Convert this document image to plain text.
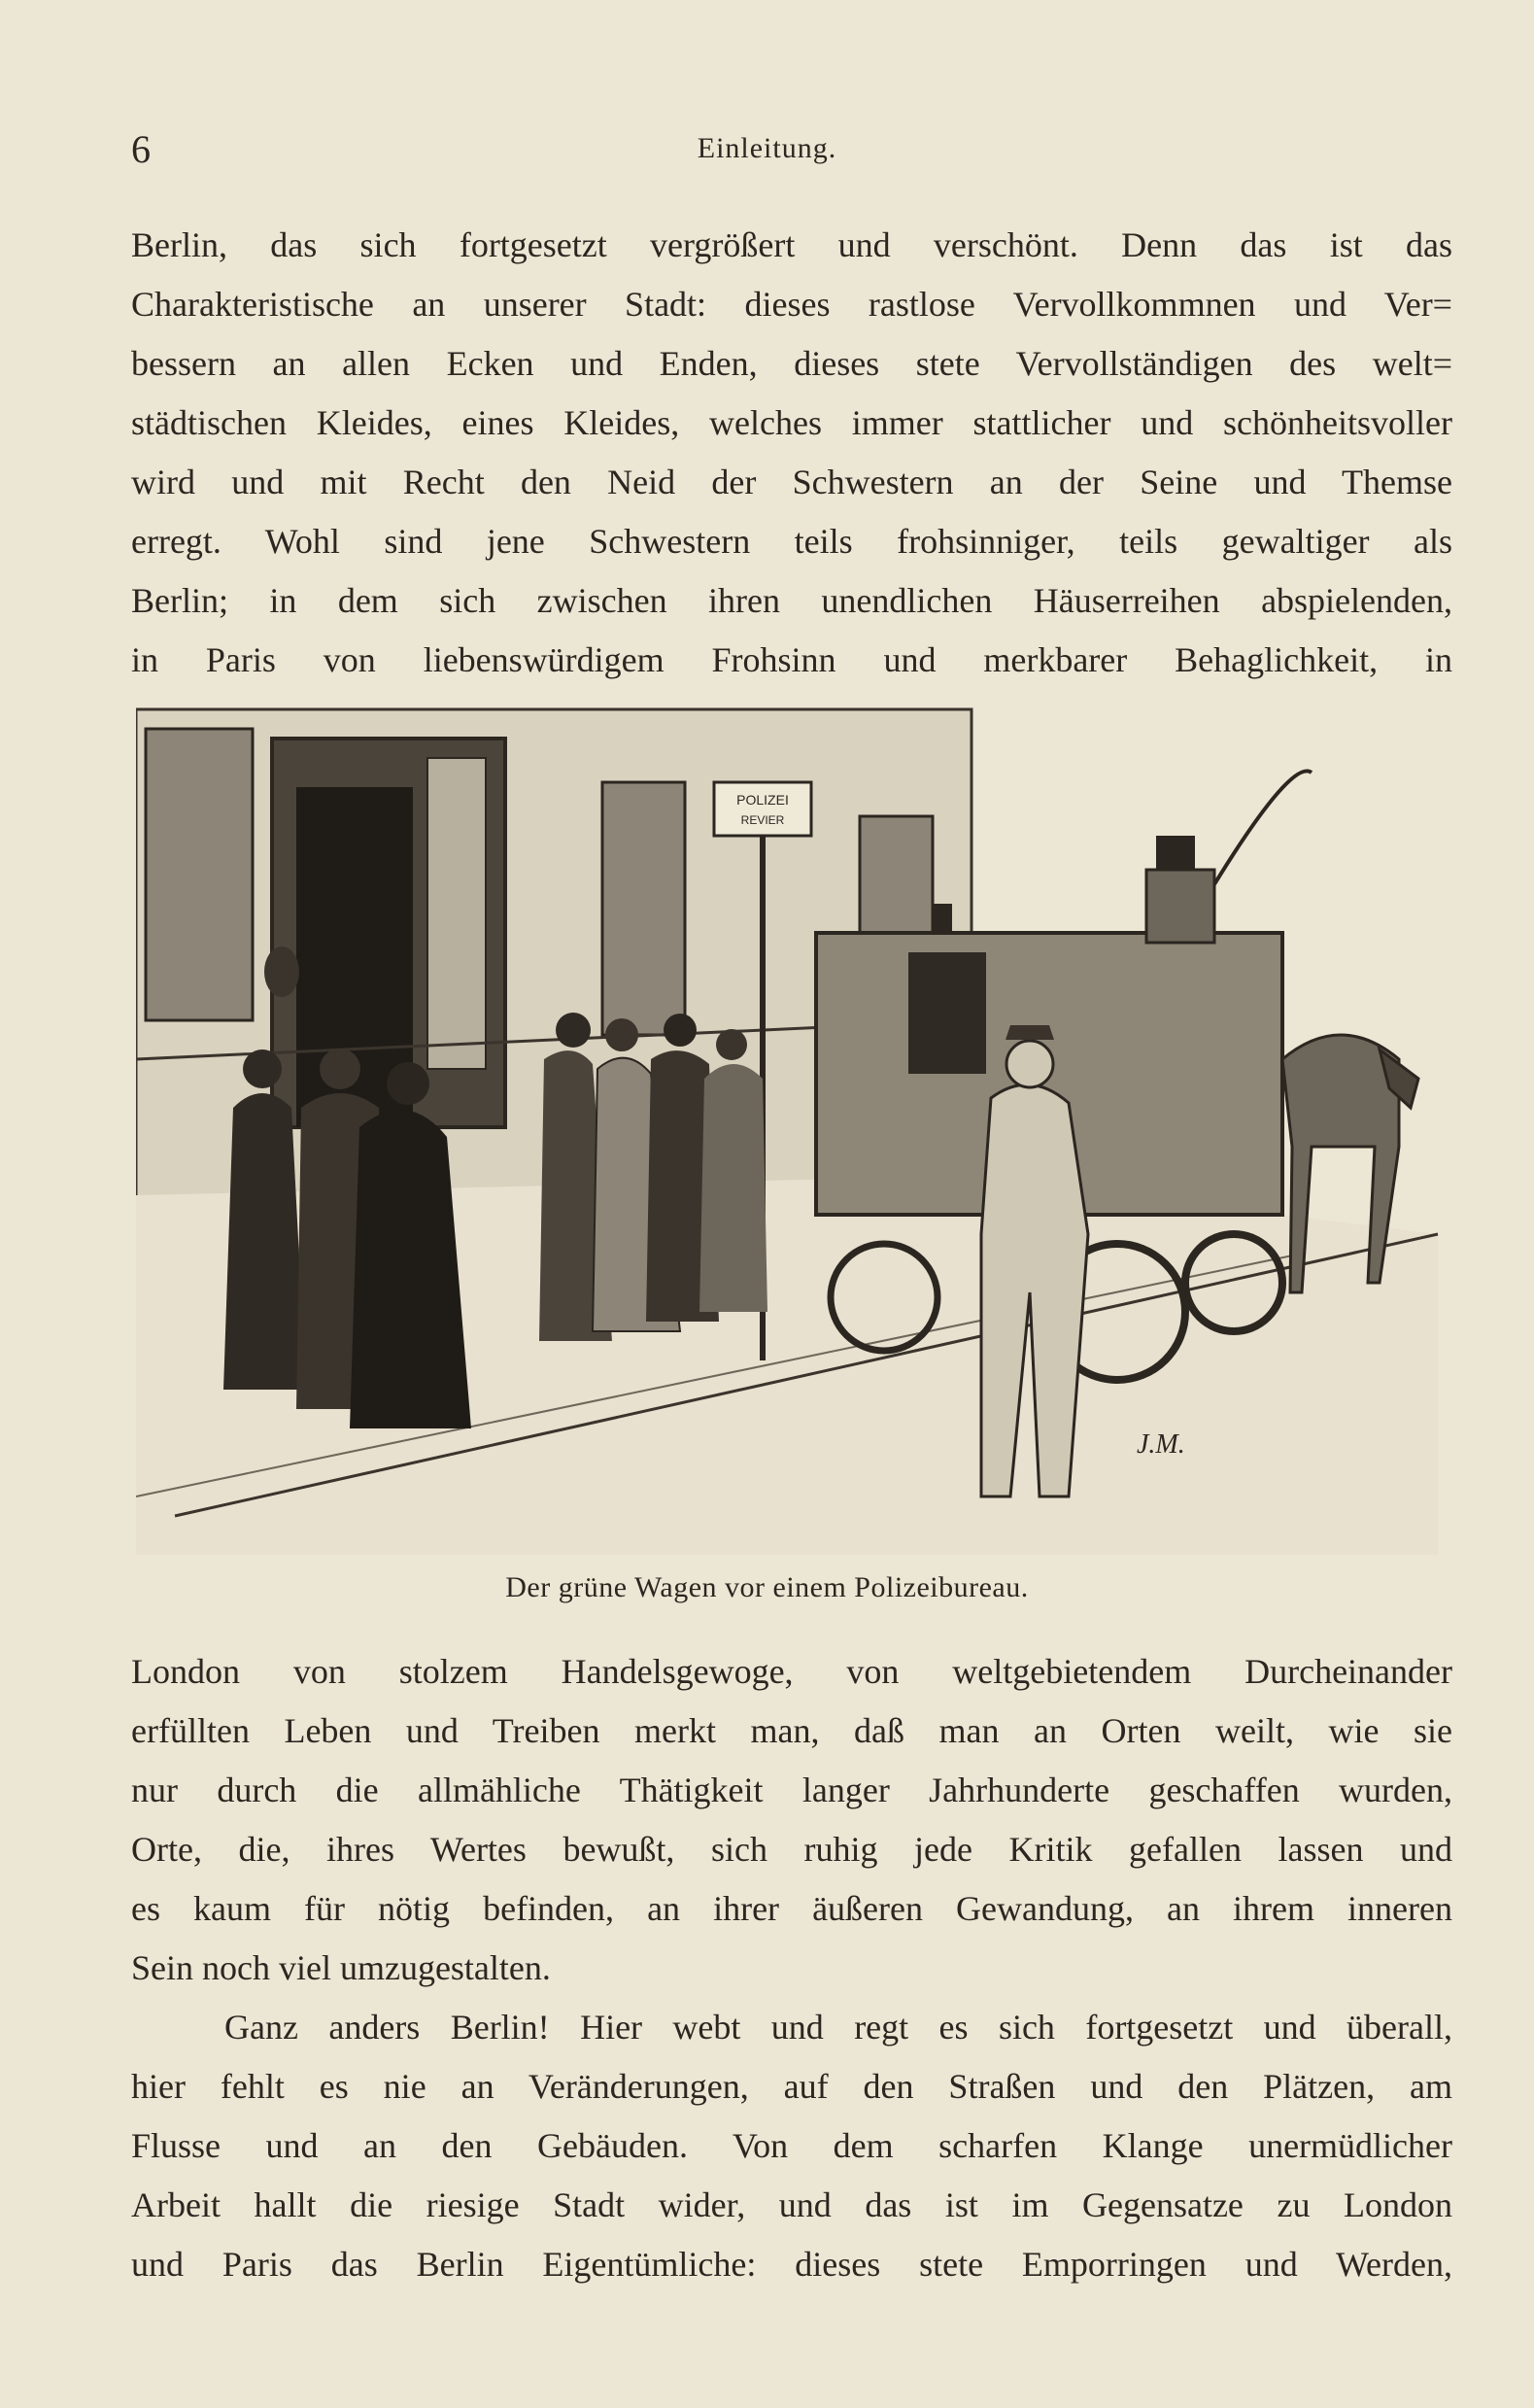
6	Einleitung.
Berlin, das sich fortgesetzt vergrößert und verschönt. Denn das ist das
Charakteristische an unserer Stadt: dieses rastlose Vervollkommnen und Ver=
bessern an allen Ecken und Enden, dieses stete Vervollständigen des welt=
städtischen Kleides, eines Kleides, welches immer stattlicher und schönheitsvoller
wird und mit Recht den Neid der Schwestern an der Seine und Themse
erregt. Wohl sind jene Schwestern teils frohsinniger, teils gewaltiger als
Berlin; in dem sich zwischen ihren unendlichen Häuserreihen abspielenden,
in Paris von liebenswürdigem Frohsinn und merkbarer Behaglichkeit, in
POLIZEI
REVIER
J.M.
Der grüne Wagen vor einem Polizeibureau.
London von stolzem Handelsgewoge, von weltgebietendem Durcheinander
erfüllten Leben und Treiben merkt man, daß man an Orten weilt, wie sie
nur durch die allmähliche Thätigkeit langer Jahrhunderte geschaffen wurden,
Orte, die, ihres Wertes bewußt, sich ruhig jede Kritik gefallen lassen und
es kaum für nötig befinden, an ihrer äußeren Gewandung, an ihrem inneren
Sein noch viel umzugestalten.
Ganz anders Berlin! Hier webt und regt es sich fortgesetzt und überall,
hier fehlt es nie an Veränderungen, auf den Straßen und den Plätzen, am
Flusse und an den Gebäuden. Von dem scharfen Klange unermüdlicher
Arbeit hallt die riesige Stadt wider, und das ist im Gegensatze zu London
und Paris das Berlin Eigentümliche: dieses stete Emporringen und Werden,
